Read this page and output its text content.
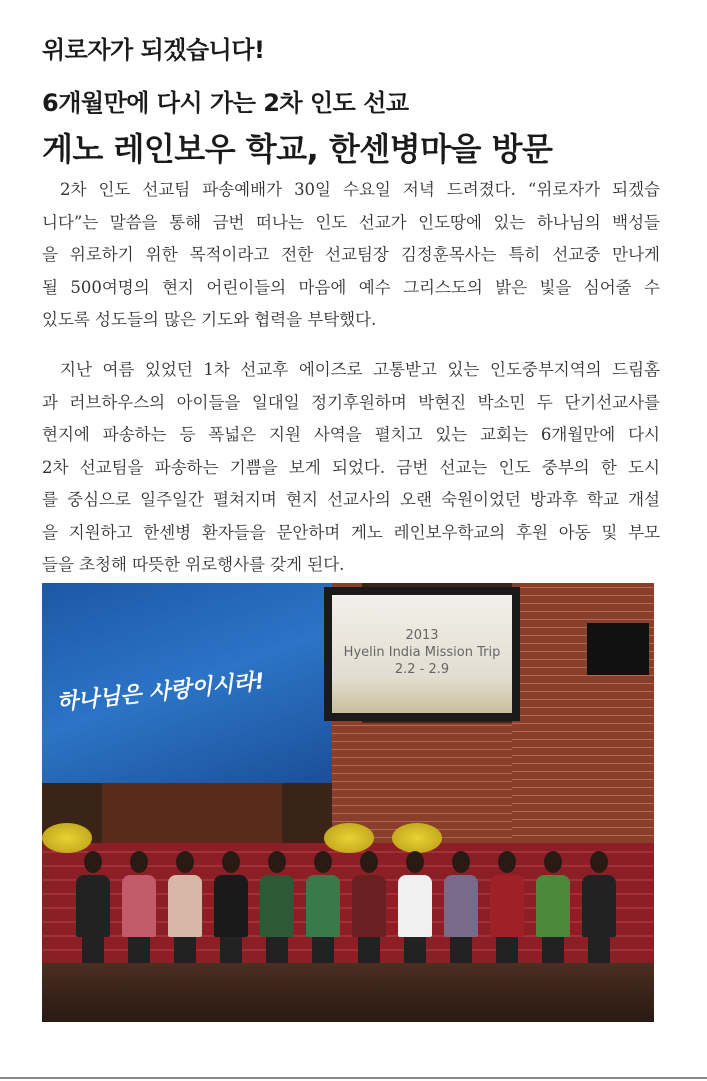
위로자가 되겠습니다!
6개월만에 다시 가는 2차 인도 선교
게노 레인보우 학교, 한센병마을 방문
2차 인도 선교팀 파송예배가 30일 수요일 저녁 드려졌다. “위로자가 되겠습
니다”는 말씀을 통해 금번 떠나는 인도 선교가 인도땅에 있는 하나님의 백성들
을 위로하기 위한 목적이라고 전한 선교팀장 김정훈목사는 특히 선교중 만나게
될 500여명의 현지 어린이들의 마음에 예수 그리스도의 밝은 빛을 심어줄 수
있도록 성도들의 많은 기도와 협력을 부탁했다.
지난 여름 있었던 1차 선교후 에이즈로 고통받고 있는 인도중부지역의 드림홈
과 러브하우스의 아이들을 일대일 정기후원하며 박현진 박소민 두 단기선교사를
현지에 파송하는 등 폭넓은 지원 사역을 펼치고 있는 교회는 6개월만에 다시
2차 선교팀을 파송하는 기쁨을 보게 되었다. 금번 선교는 인도 중부의 한 도시
를 중심으로 일주일간 펼쳐지며 현지 선교사의 오랜 숙원이었던 방과후 학교 개설
을 지원하고 한센병 환자들을 문안하며 게노 레인보우학교의 후원 아동 및 부모
들을 초청해 따뜻한 위로행사를 갖게 된다.
하나님은 사랑이시라!
2013
Hyelin India Mission Trip
2.2 - 2.9
